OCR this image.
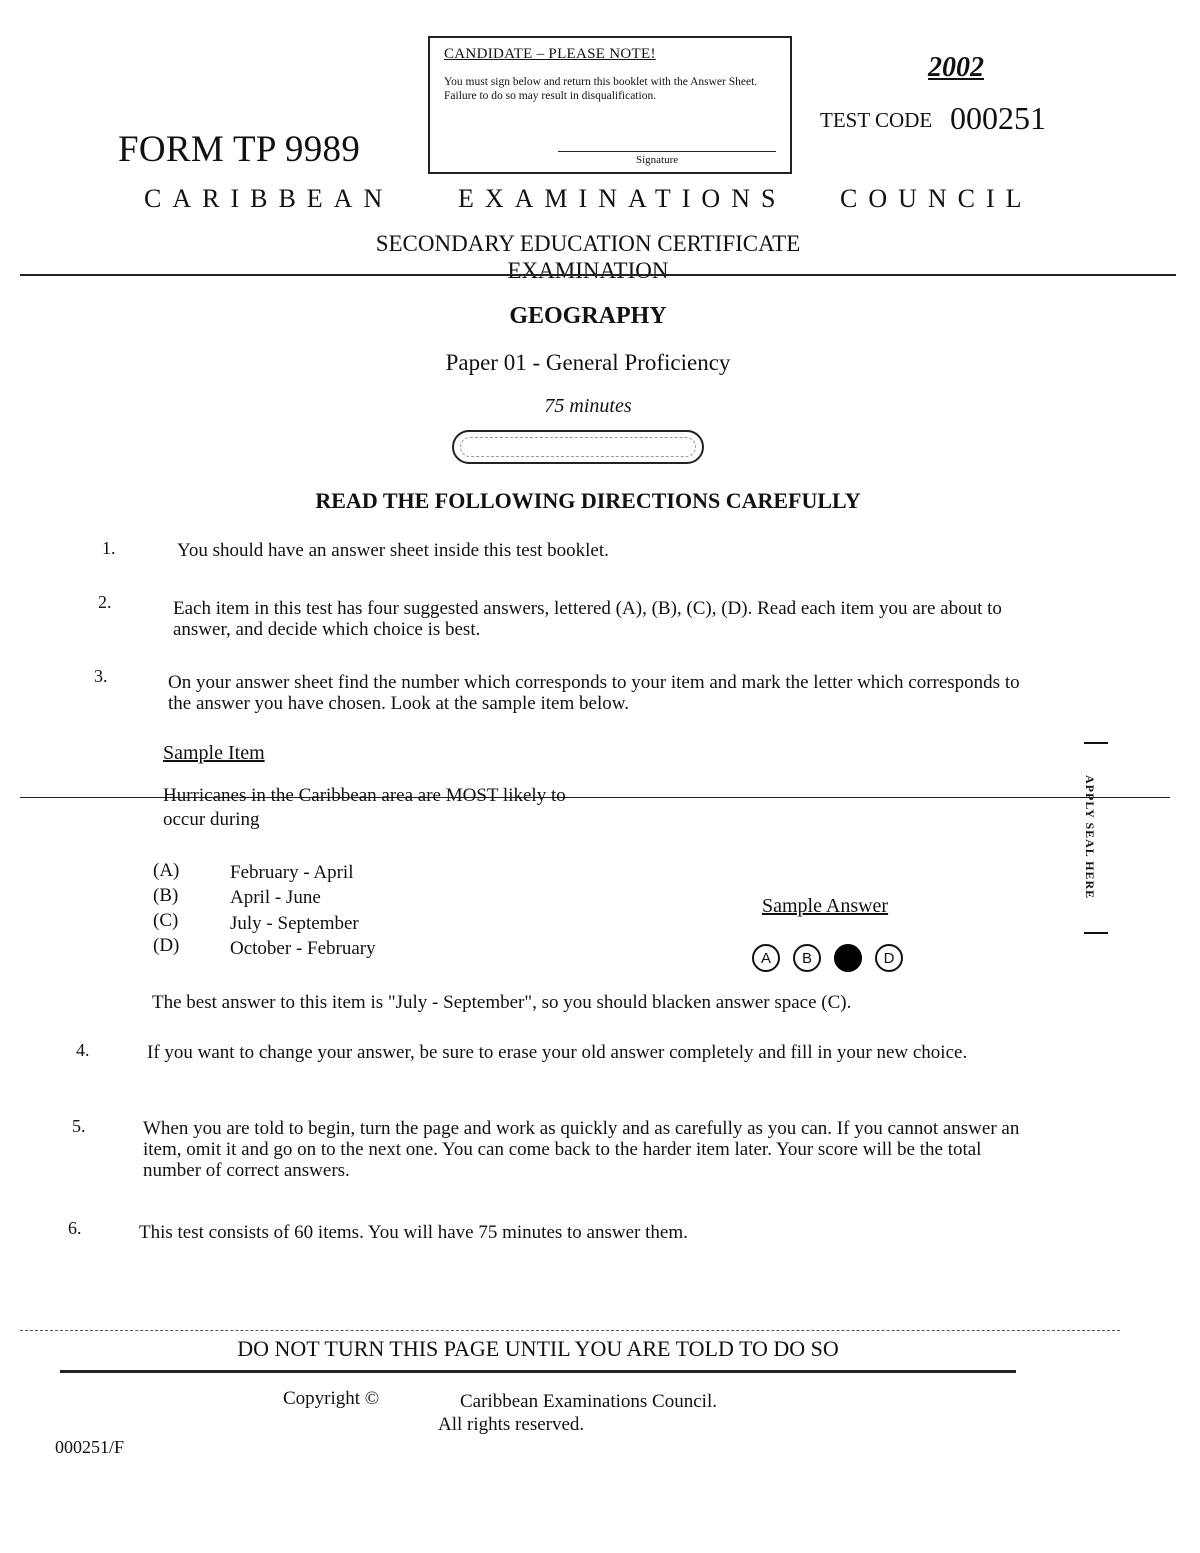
CANDIDATE – PLEASE NOTE!
You must sign below and return this booklet with the Answer Sheet. Failure to do so may result in disqualification.
Signature
2002
TEST CODE 000251
FORM TP 9989
CARIBBEAN EXAMINATIONS COUNCIL
SECONDARY EDUCATION CERTIFICATE
EXAMINATION
GEOGRAPHY
Paper 01 - General Proficiency
75 minutes
READ THE FOLLOWING DIRECTIONS CAREFULLY
1.	You should have an answer sheet inside this test booklet.
2.	Each item in this test has four suggested answers, lettered (A), (B), (C), (D). Read each item you are about to answer, and decide which choice is best.
3.	On your answer sheet find the number which corresponds to your item and mark the letter which corresponds to the answer you have chosen. Look at the sample item below.
Sample Item
Hurricanes in the Caribbean area are MOST likely to occur during
(A)	February - April
(B)	April - June
(C)	July - September
(D)	October - February
Sample Answer
A	B	C	D
The best answer to this item is "July - September", so you should blacken answer space (C).
APPLY SEAL HERE
4.	If you want to change your answer, be sure to erase your old answer completely and fill in your new choice.
5.	When you are told to begin, turn the page and work as quickly and as carefully as you can. If you cannot answer an item, omit it and go on to the next one. You can come back to the harder item later. Your score will be the total number of correct answers.
6.	This test consists of 60 items. You will have 75 minutes to answer them.
DO NOT TURN THIS PAGE UNTIL YOU ARE TOLD TO DO SO
Copyright ©	Caribbean Examinations Council.
All rights reserved.
000251/F
